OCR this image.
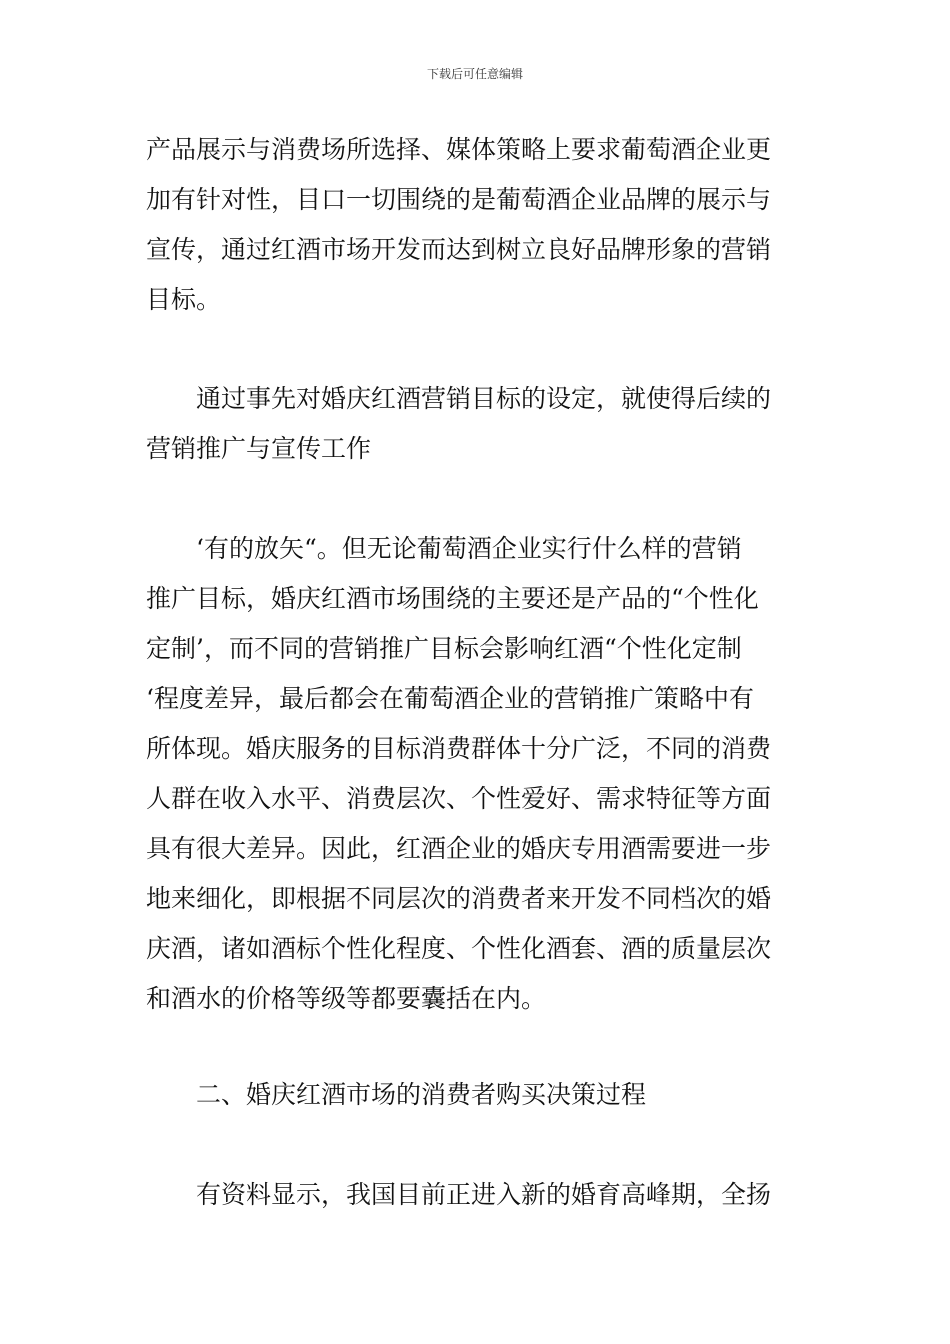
下载后可任意编辑
产品展示与消费场所选择、媒体策略上要求葡萄酒企业更
加有针对性，目口一切围绕的是葡萄酒企业品牌的展示与
宣传，通过红酒市场开发而达到树立良好品牌形象的营销
目标。
通过事先对婚庆红酒营销目标的设定，就使得后续的
营销推广与宣传工作
‘有的放矢“。但无论葡萄酒企业实行什么样的营销
推广目标，婚庆红酒市场围绕的主要还是产品的“个性化
定制’，而不同的营销推广目标会影响红酒“个性化定制
‘程度差异，最后都会在葡萄酒企业的营销推广策略中有
所体现。婚庆服务的目标消费群体十分广泛，不同的消费
人群在收入水平、消费层次、个性爱好、需求特征等方面
具有很大差异。因此，红酒企业的婚庆专用酒需要进一步
地来细化，即根据不同层次的消费者来开发不同档次的婚
庆酒，诸如酒标个性化程度、个性化酒套、酒的质量层次
和酒水的价格等级等都要囊括在内。
二、婚庆红酒市场的消费者购买决策过程
有资料显示，我国目前正进入新的婚育高峰期，全扬
